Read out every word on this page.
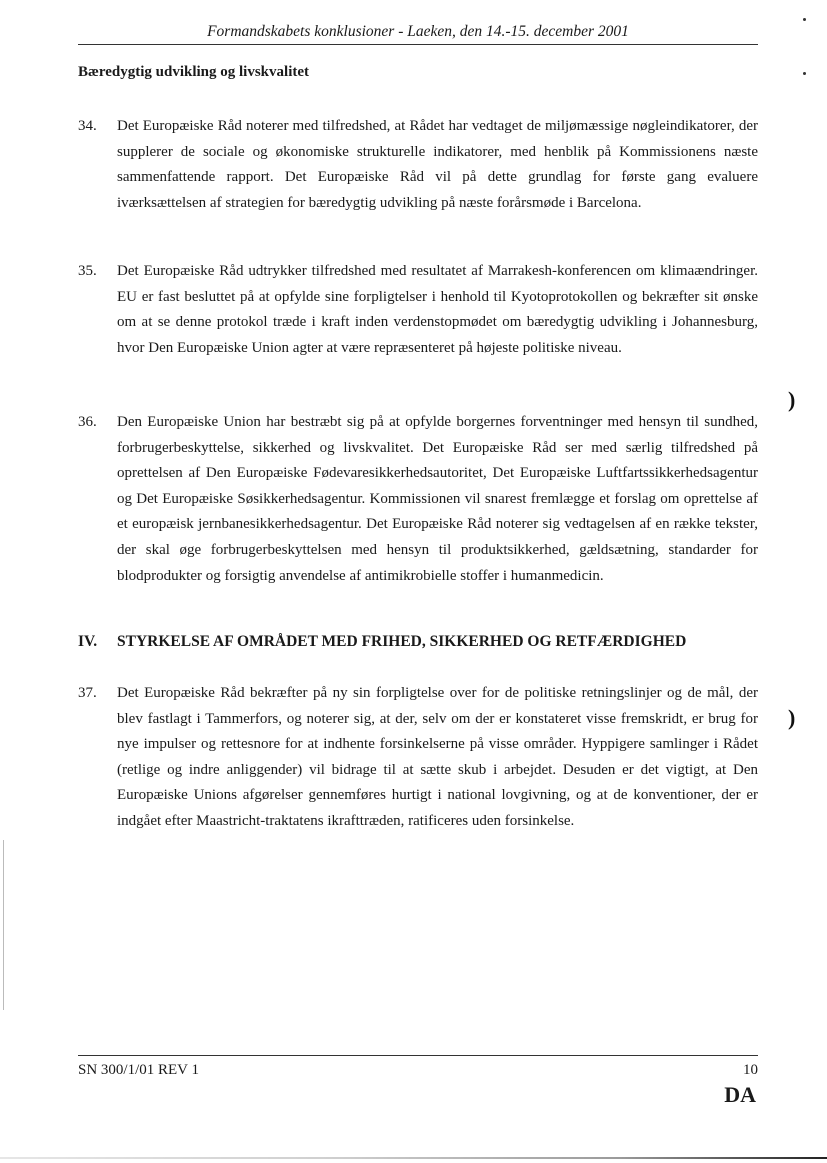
Formandskabets konklusioner - Laeken, den 14.-15. december 2001
Bæredygtig udvikling og livskvalitet
34.	Det Europæiske Råd noterer med tilfredshed, at Rådet har vedtaget de miljømæssige nøgleindikatorer, der supplerer de sociale og økonomiske strukturelle indikatorer, med henblik på Kommissionens næste sammenfattende rapport. Det Europæiske Råd vil på dette grundlag for første gang evaluere iværksættelsen af strategien for bæredygtig udvikling på næste forårsmøde i Barcelona.
35.	Det Europæiske Råd udtrykker tilfredshed med resultatet af Marrakesh-konferencen om klimaændringer. EU er fast besluttet på at opfylde sine forpligtelser i henhold til Kyotoprotokollen og bekræfter sit ønske om at se denne protokol træde i kraft inden verdenstopmødet om bæredygtig udvikling i Johannesburg, hvor Den Europæiske Union agter at være repræsenteret på højeste politiske niveau.
36.	Den Europæiske Union har bestræbt sig på at opfylde borgernes forventninger med hensyn til sundhed, forbrugerbeskyttelse, sikkerhed og livskvalitet. Det Europæiske Råd ser med særlig tilfredshed på oprettelsen af Den Europæiske Fødevaresikkerhedsautoritet, Det Europæiske Luftfartssikkerhedsagentur og Det Europæiske Søsikkerhedsagentur. Kommissionen vil snarest fremlægge et forslag om oprettelse af et europæisk jernbanesikkerhedsagentur. Det Europæiske Råd noterer sig vedtagelsen af en række tekster, der skal øge forbrugerbeskyttelsen med hensyn til produktsikkerhed, gældsætning, standarder for blodprodukter og forsigtig anvendelse af antimikrobielle stoffer i humanmedicin.
IV. STYRKELSE AF OMRÅDET MED FRIHED, SIKKERHED OG RETFÆRDIGHED
37.	Det Europæiske Råd bekræfter på ny sin forpligtelse over for de politiske retningslinjer og de mål, der blev fastlagt i Tammerfors, og noterer sig, at der, selv om der er konstateret visse fremskridt, er brug for nye impulser og rettesnore for at indhente forsinkelserne på visse områder. Hyppigere samlinger i Rådet (retlige og indre anliggender) vil bidrage til at sætte skub i arbejdet. Desuden er det vigtigt, at Den Europæiske Unions afgørelser gennemføres hurtigt i national lovgivning, og at de konventioner, der er indgået efter Maastricht-traktatens ikrafttræden, ratificeres uden forsinkelse.
SN 300/1/01 REV 1	10
DA
)
)
